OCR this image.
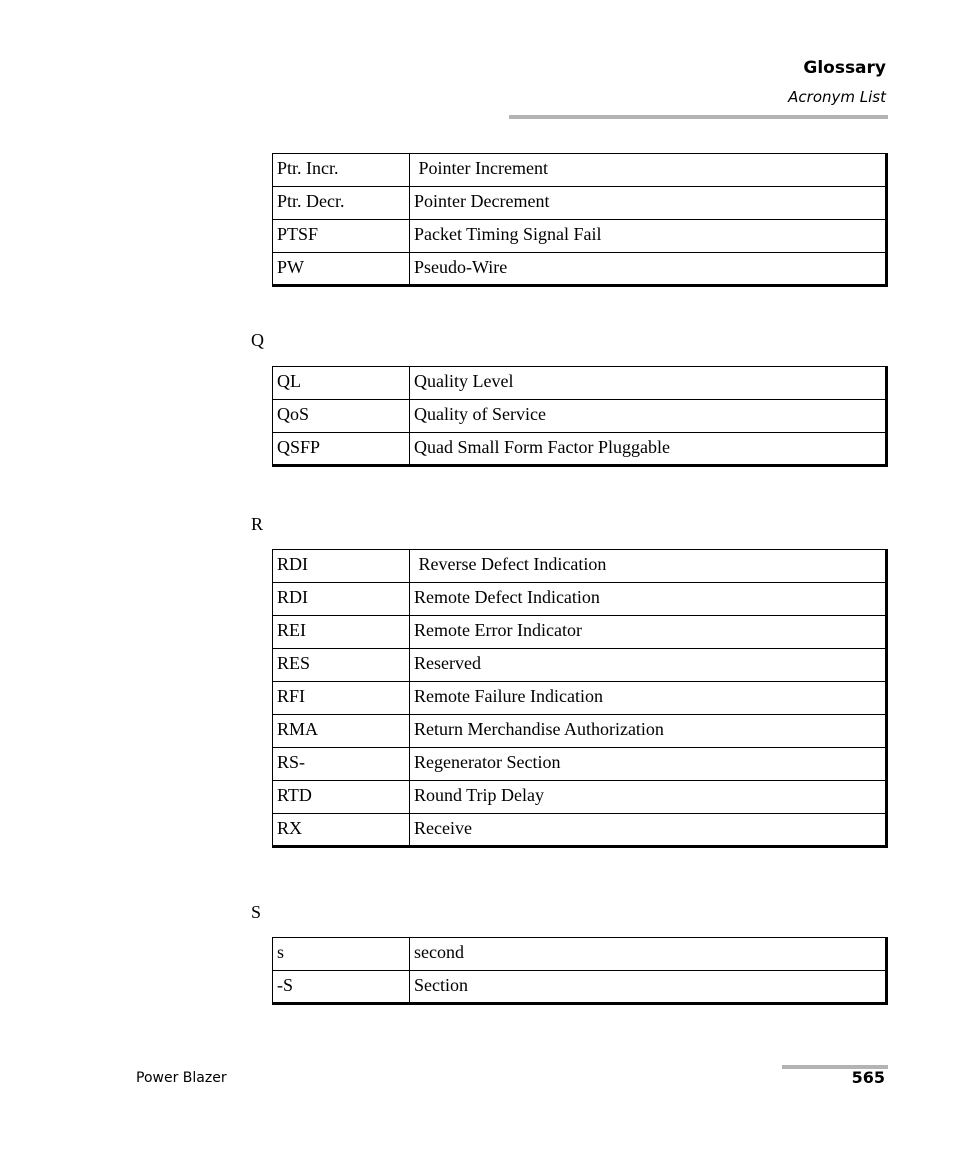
Glossary
Acronym List
Ptr. Incr.	Pointer Increment
Ptr. Decr.	Pointer Decrement
PTSF	Packet Timing Signal Fail
PW	Pseudo-Wire
Q
QL	Quality Level
QoS	Quality of Service
QSFP	Quad Small Form Factor Pluggable
R
RDI	Reverse Defect Indication
RDI	Remote Defect Indication
REI	Remote Error Indicator
RES	Reserved
RFI	Remote Failure Indication
RMA	Return Merchandise Authorization
RS-	Regenerator Section
RTD	Round Trip Delay
RX	Receive
S
s	second
-S	Section
Power Blazer	565
